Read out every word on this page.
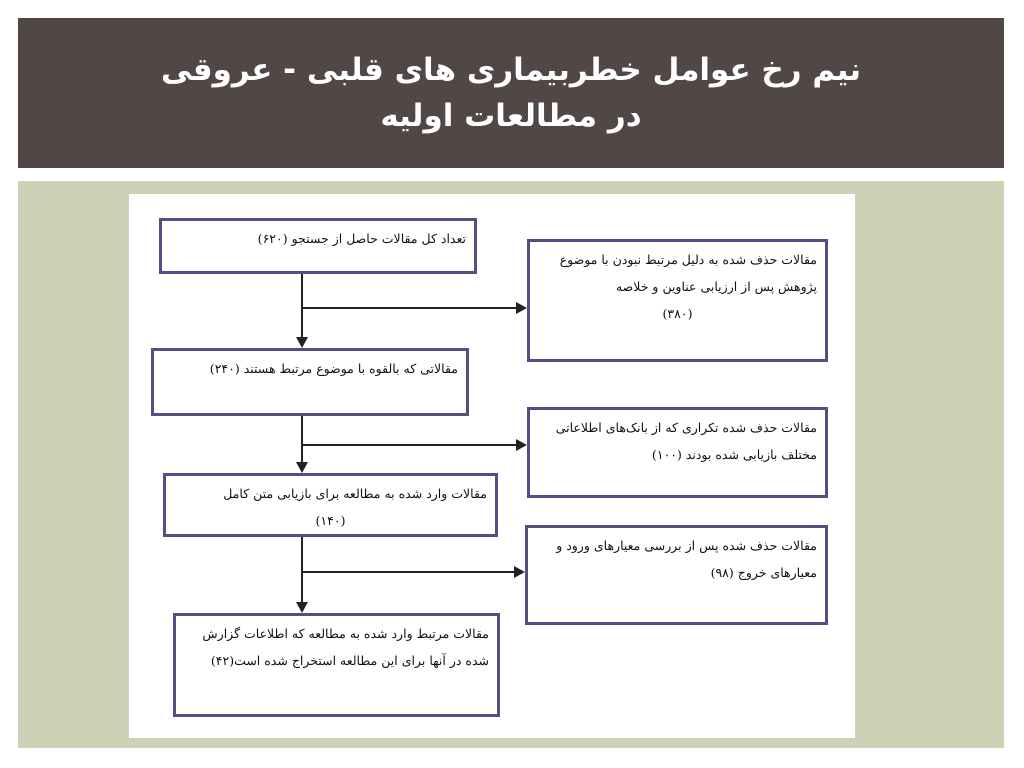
نیم رخ عوامل خطربیماری های قلبی - عروقی
در مطالعات اولیه
تعداد کل مقالات حاصل از جستجو (۶۲۰)
مقالاتی که بالقوه با موضوع مرتبط هستند (۲۴۰)
مقالات وارد شده به مطالعه برای بازیابی متن کامل
(۱۴۰)
مقالات مرتبط وارد شده به مطالعه که اطلاعات گزارش شده در آنها برای این مطالعه استخراج شده است(۴۲)
مقالات حذف شده به دلیل مرتبط نبودن با موضوع پژوهش پس از ارزیابی عناوین و خلاصه
(۳۸۰)
مقالات حذف شده تکراری که از بانک‌های اطلاعاتی مختلف بازیابی شده بودند (۱۰۰)
مقالات حذف شده پس از بررسی معیارهای ورود و معیارهای خروج (۹۸)
